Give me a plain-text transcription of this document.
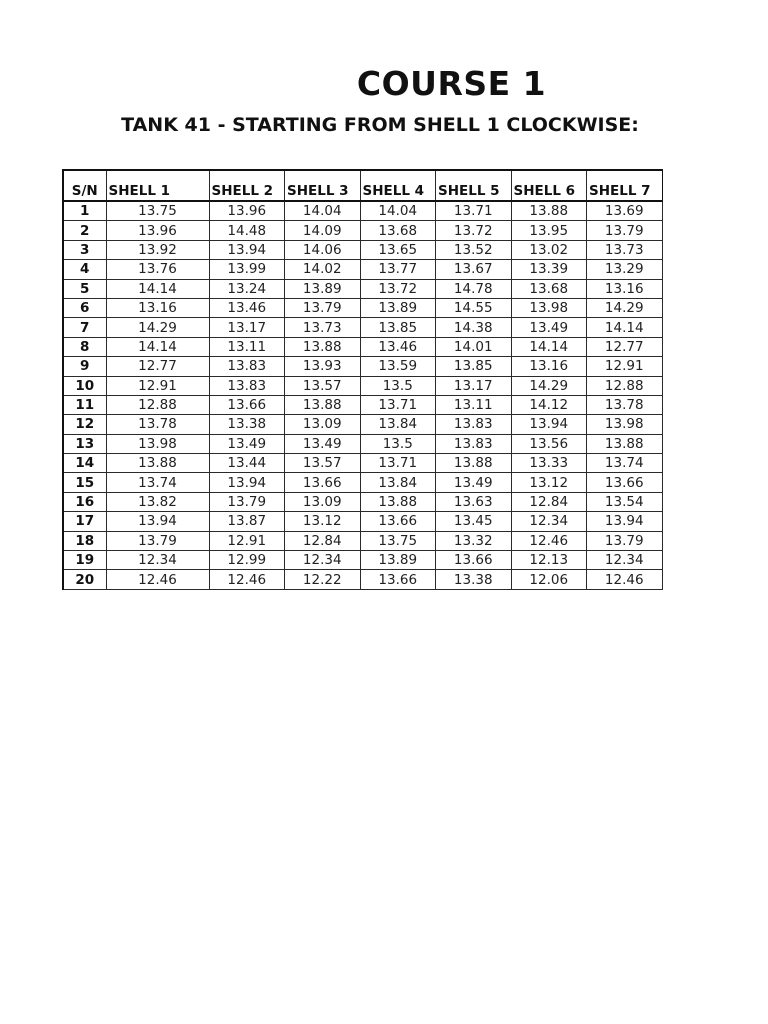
COURSE 1
TANK 41 - STARTING FROM SHELL 1 CLOCKWISE:
S/N	SHELL 1	SHELL 2	SHELL 3	SHELL 4	SHELL 5	SHELL 6	SHELL 7
1	13.75	13.96	14.04	14.04	13.71	13.88	13.69
2	13.96	14.48	14.09	13.68	13.72	13.95	13.79
3	13.92	13.94	14.06	13.65	13.52	13.02	13.73
4	13.76	13.99	14.02	13.77	13.67	13.39	13.29
5	14.14	13.24	13.89	13.72	14.78	13.68	13.16
6	13.16	13.46	13.79	13.89	14.55	13.98	14.29
7	14.29	13.17	13.73	13.85	14.38	13.49	14.14
8	14.14	13.11	13.88	13.46	14.01	14.14	12.77
9	12.77	13.83	13.93	13.59	13.85	13.16	12.91
10	12.91	13.83	13.57	13.5	13.17	14.29	12.88
11	12.88	13.66	13.88	13.71	13.11	14.12	13.78
12	13.78	13.38	13.09	13.84	13.83	13.94	13.98
13	13.98	13.49	13.49	13.5	13.83	13.56	13.88
14	13.88	13.44	13.57	13.71	13.88	13.33	13.74
15	13.74	13.94	13.66	13.84	13.49	13.12	13.66
16	13.82	13.79	13.09	13.88	13.63	12.84	13.54
17	13.94	13.87	13.12	13.66	13.45	12.34	13.94
18	13.79	12.91	12.84	13.75	13.32	12.46	13.79
19	12.34	12.99	12.34	13.89	13.66	12.13	12.34
20	12.46	12.46	12.22	13.66	13.38	12.06	12.46
